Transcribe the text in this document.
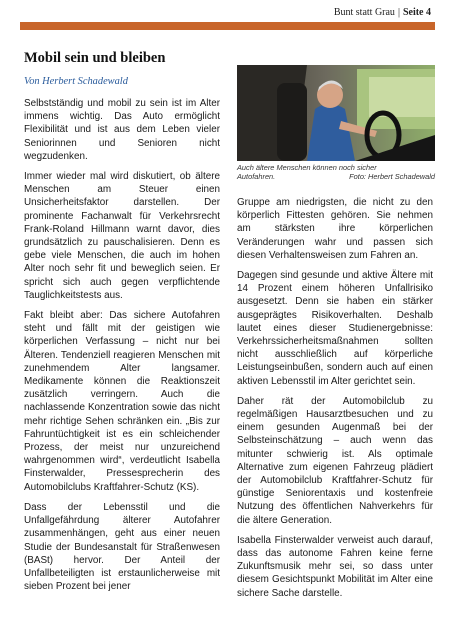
Bunt statt Grau | Seite 4
Mobil sein und bleiben
Von Herbert Schadewald

Selbstständig und mobil zu sein ist im Alter immens wichtig. Das Auto ermöglicht Flexibilität und ist aus dem Leben vieler Seniorinnen und Senioren nicht wegzudenken.

Immer wieder mal wird diskutiert, ob ältere Menschen am Steuer einen Unsicherheitsfaktor darstellen. Der prominente Fachanwalt für Verkehrsrecht Frank-Roland Hillmann warnt davor, dies grundsätzlich zu pauschalisieren. Denn es gebe viele Menschen, die auch im hohen Alter noch sehr fit und beweglich seien. Er spricht sich auch gegen verpflichtende Tauglichkeitstests aus.

Fakt bleibt aber: Das sichere Autofahren steht und fällt mit der geistigen wie körperlichen Verfassung – nicht nur bei Älteren. Tendenziell reagieren Menschen mit zunehmendem Alter langsamer. Medikamente können die Reaktionszeit zusätzlich verringern. Auch die nachlassende Konzentration sowie das nicht mehr richtige Sehen schränken ein. „Bis zur Fahruntüchtigkeit ist es ein schleichender Prozess, der meist nur unzureichend wahrgenommen wird“, verdeutlicht Isabella Finsterwalder, Pressesprecherin des Automobilclubs Kraftfahrer-Schutz (KS).

Dass der Lebensstil und die Unfallgefährdung älterer Autofahrer zusammenhängen, geht aus einer neuen Studie der Bundesanstalt für Straßenwesen (BASt) hervor. Der Anteil der Unfallbeteiligten ist erstaunlicherweise mit sieben Prozent bei jener

Auch ältere Menschen können noch sicher
Autofahren.	Foto: Herbert Schadewald

Gruppe am niedrigsten, die nicht zu den körperlich Fittesten gehören. Sie nehmen am stärksten ihre körperlichen Veränderungen wahr und passen sich diesen Verhaltensweisen zum Fahren an.

Dagegen sind gesunde und aktive Ältere mit 14 Prozent einem höheren Unfallrisiko ausgesetzt. Denn sie haben ein stärker ausgeprägtes Risikoverhalten. Deshalb lautet eines dieser Studienergebnisse: Verkehrssicherheitsmaßnahmen sollten nicht ausschließlich auf körperliche Leistungseinbußen, sondern auch auf einen aktiven Lebensstil im Alter gerichtet sein.

Daher rät der Automobilclub zu regelmäßigen Hausarztbesuchen und zu einem gesunden Augenmaß bei der Selbsteinschätzung – auch wenn das mitunter schwierig ist. Als optimale Alternative zum eigenen Fahrzeug plädiert der Automobilclub Kraftfahrer-Schutz für günstige Seniorentaxis und kostenfreie Nutzung des öffentlichen Nahverkehrs für die ältere Generation.

Isabella Finsterwalder verweist auch darauf, dass das autonome Fahren keine ferne Zukunftsmusik mehr sei, so dass unter diesem Gesichtspunkt Mobilität im Alter eine sichere Sache darstelle.
